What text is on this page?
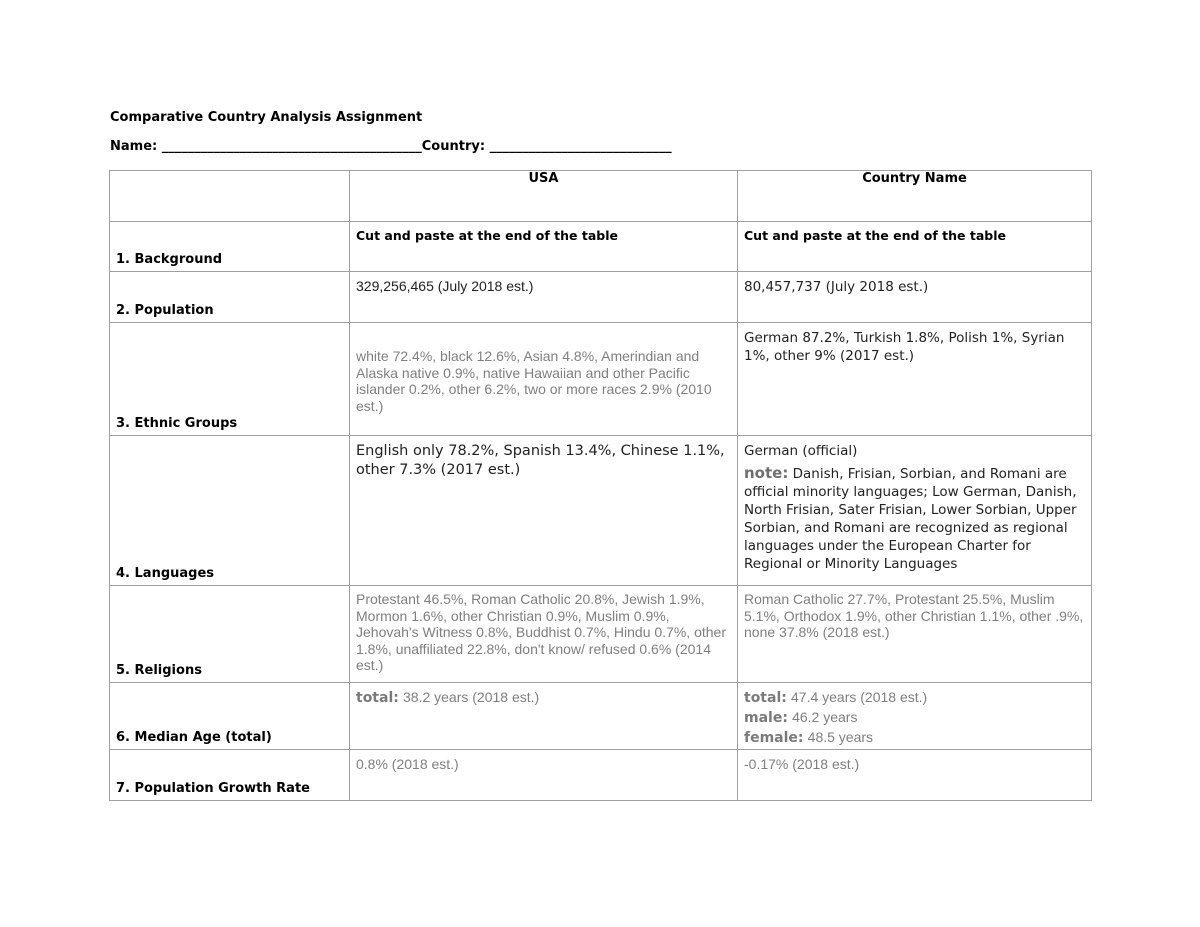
Comparative Country Analysis Assignment
Name: ________________________________________Country: ____________________________
	USA	Country Name
1. Background	Cut and paste at the end of the table	Cut and paste at the end of the table

2. Population	329,256,465 (July 2018 est.)	80,457,737 (July 2018 est.)

3. Ethnic Groups	white 72.4%, black 12.6%, Asian 4.8%, Amerindian and Alaska native 0.9%, native Hawaiian and other Pacific islander 0.2%, other 6.2%, two or more races 2.9% (2010 est.)	German 87.2%, Turkish 1.8%, Polish 1%, Syrian 1%, other 9% (2017 est.)

4. Languages	English only 78.2%, Spanish 13.4%, Chinese 1.1%, other 7.3% (2017 est.)	German (official)
note: Danish, Frisian, Sorbian, and Romani are official minority languages; Low German, Danish, North Frisian, Sater Frisian, Lower Sorbian, Upper Sorbian, and Romani are recognized as regional languages under the European Charter for Regional or Minority Languages

5. Religions	Protestant 46.5%, Roman Catholic 20.8%, Jewish 1.9%, Mormon 1.6%, other Christian 0.9%, Muslim 0.9%, Jehovah's Witness 0.8%, Buddhist 0.7%, Hindu 0.7%, other 1.8%, unaffiliated 22.8%, don't know/ refused 0.6% (2014 est.)	Roman Catholic 27.7%, Protestant 25.5%, Muslim 5.1%, Orthodox 1.9%, other Christian 1.1%, other .9%, none 37.8% (2018 est.)

6. Median Age (total)	total: 38.2 years (2018 est.)	total: 47.4 years (2018 est.)
male: 46.2 years
female: 48.5 years

7. Population Growth Rate	0.8% (2018 est.)	-0.17% (2018 est.)
